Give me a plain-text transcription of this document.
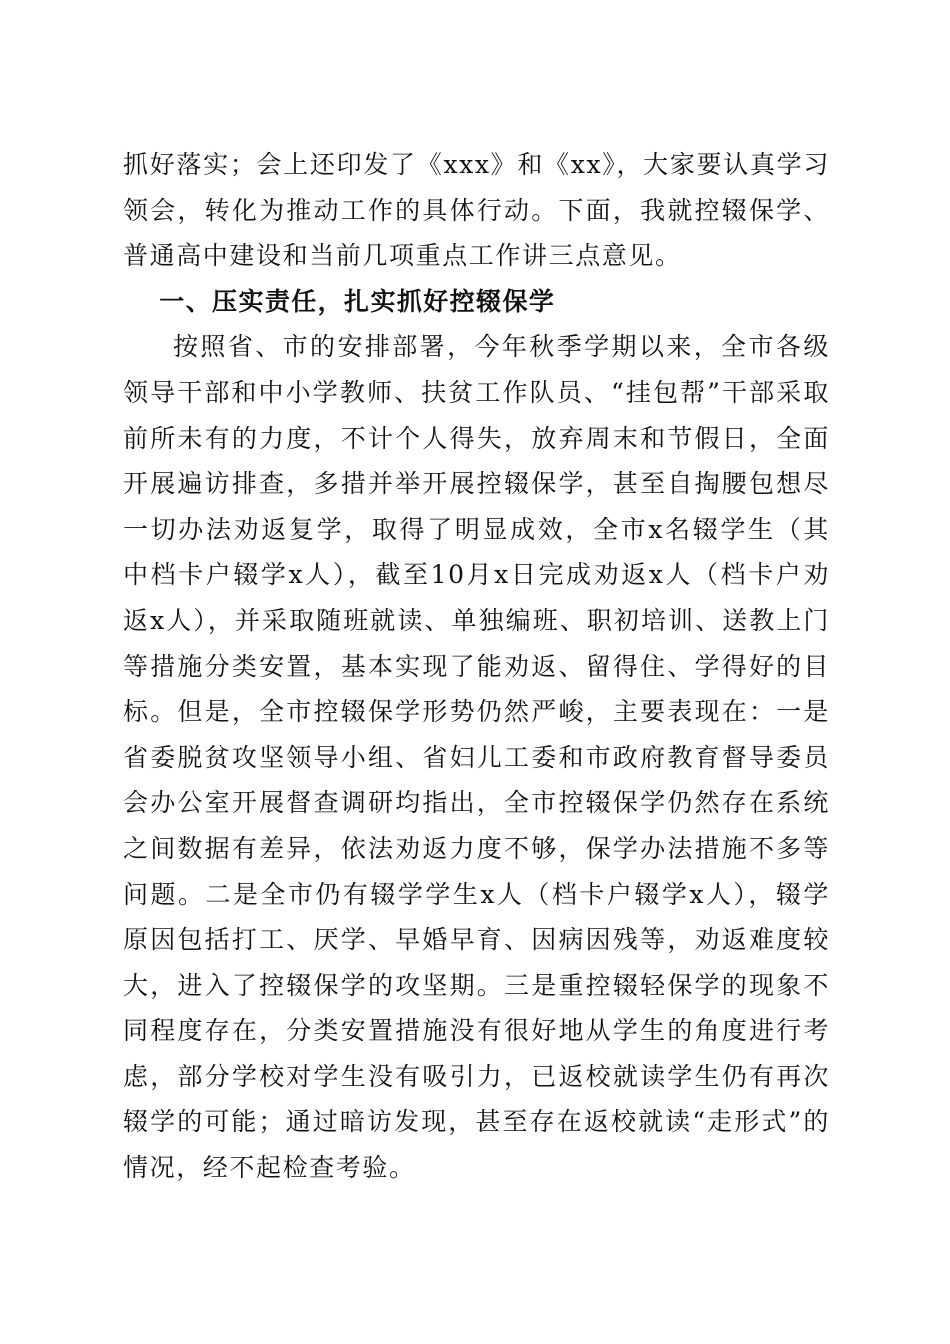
抓好落实；会上还印发了《xxx》和《xx》，大家要认真学习领会，转化为推动工作的具体行动。下面，我就控辍保学、普通高中建设和当前几项重点工作讲三点意见。

一、压实责任，扎实抓好控辍保学

按照省、市的安排部署，今年秋季学期以来，全市各级领导干部和中小学教师、扶贫工作队员、“挂包帮”干部采取前所未有的力度，不计个人得失，放弃周末和节假日，全面开展遍访排查，多措并举开展控辍保学，甚至自掏腰包想尽一切办法劝返复学，取得了明显成效，全市x名辍学生（其中档卡户辍学x人），截至10月x日完成劝返x人（档卡户劝返x人），并采取随班就读、单独编班、职初培训、送教上门等措施分类安置，基本实现了能劝返、留得住、学得好的目标。但是，全市控辍保学形势仍然严峻，主要表现在：一是省委脱贫攻坚领导小组、省妇儿工委和市政府教育督导委员会办公室开展督查调研均指出，全市控辍保学仍然存在系统之间数据有差异，依法劝返力度不够，保学办法措施不多等问题。二是全市仍有辍学学生x人（档卡户辍学x人），辍学原因包括打工、厌学、早婚早育、因病因残等，劝返难度较大，进入了控辍保学的攻坚期。三是重控辍轻保学的现象不同程度存在，分类安置措施没有很好地从学生的角度进行考虑，部分学校对学生没有吸引力，已返校就读学生仍有再次辍学的可能；通过暗访发现，甚至存在返校就读“走形式”的情况，经不起检查考验。
